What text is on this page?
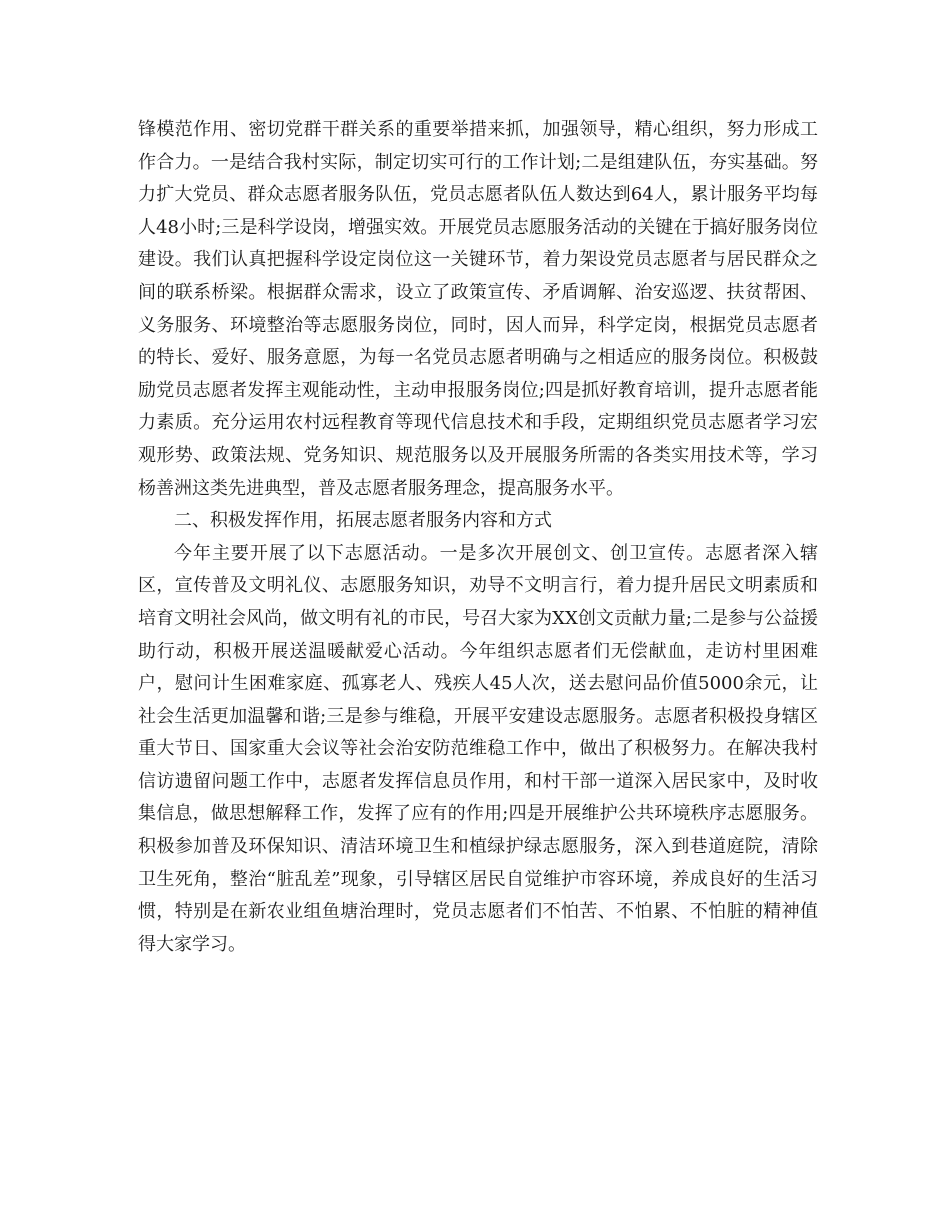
锋模范作用、密切党群干群关系的重要举措来抓，加强领导，精心组织，努力形成工作合力。一是结合我村实际，制定切实可行的工作计划;二是组建队伍，夯实基础。努力扩大党员、群众志愿者服务队伍，党员志愿者队伍人数达到64人，累计服务平均每人48小时;三是科学设岗，增强实效。开展党员志愿服务活动的关键在于搞好服务岗位建设。我们认真把握科学设定岗位这一关键环节，着力架设党员志愿者与居民群众之间的联系桥梁。根据群众需求，设立了政策宣传、矛盾调解、治安巡逻、扶贫帮困、义务服务、环境整治等志愿服务岗位，同时，因人而异，科学定岗，根据党员志愿者的特长、爱好、服务意愿，为每一名党员志愿者明确与之相适应的服务岗位。积极鼓励党员志愿者发挥主观能动性，主动申报服务岗位;四是抓好教育培训，提升志愿者能力素质。充分运用农村远程教育等现代信息技术和手段，定期组织党员志愿者学习宏观形势、政策法规、党务知识、规范服务以及开展服务所需的各类实用技术等，学习杨善洲这类先进典型，普及志愿者服务理念，提高服务水平。

二、积极发挥作用，拓展志愿者服务内容和方式

今年主要开展了以下志愿活动。一是多次开展创文、创卫宣传。志愿者深入辖区，宣传普及文明礼仪、志愿服务知识，劝导不文明言行，着力提升居民文明素质和培育文明社会风尚，做文明有礼的市民，号召大家为XX创文贡献力量;二是参与公益援助行动，积极开展送温暖献爱心活动。今年组织志愿者们无偿献血，走访村里困难户，慰问计生困难家庭、孤寡老人、残疾人45人次，送去慰问品价值5000余元，让社会生活更加温馨和谐;三是参与维稳，开展平安建设志愿服务。志愿者积极投身辖区重大节日、国家重大会议等社会治安防范维稳工作中，做出了积极努力。在解决我村信访遗留问题工作中，志愿者发挥信息员作用，和村干部一道深入居民家中，及时收集信息，做思想解释工作，发挥了应有的作用;四是开展维护公共环境秩序志愿服务。积极参加普及环保知识、清洁环境卫生和植绿护绿志愿服务，深入到巷道庭院，清除卫生死角，整治“脏乱差”现象，引导辖区居民自觉维护市容环境，养成良好的生活习惯，特别是在新农业组鱼塘治理时，党员志愿者们不怕苦、不怕累、不怕脏的精神值得大家学习。
